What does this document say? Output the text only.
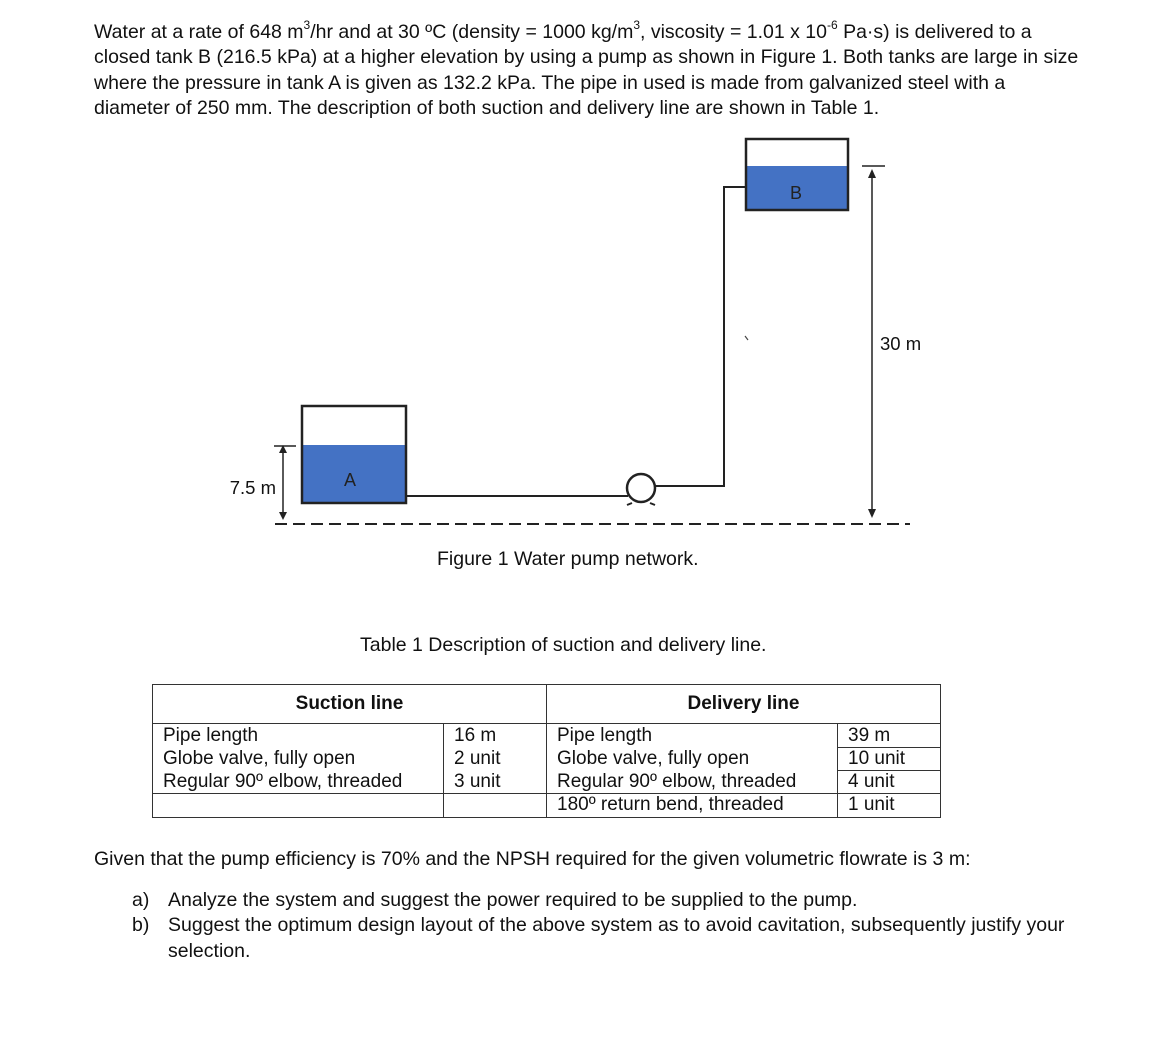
Water at a rate of 648 $m^3/hr$ and at 30 ºC (density = 1000 $kg/m^3$, viscosity = 1.01 x $10^{-6}$ Pa·s) is delivered to a closed tank B (216.5 kPa) at a higher elevation by using a pump as shown in Figure 1. Both tanks are large in size where the pressure in tank A is given as 132.2 kPa. The pipe in used is made from galvanized steel with a diameter of 250 mm. The description of both suction and delivery line are shown in Table 1.

A
B
7.5 m
30 m

Figure 1 Water pump network.

Table 1 Description of suction and delivery line.

Suction line		Delivery line	
Pipe length	16 m	Pipe length	39 m
Globe valve, fully open	2 unit	Globe valve, fully open	10 unit
Regular 90º elbow, threaded	3 unit	Regular 90º elbow, threaded	4 unit
		180º return bend, threaded	1 unit

Given that the pump efficiency is 70% and the NPSH required for the given volumetric flowrate is 3 m:

a) Analyze the system and suggest the power required to be supplied to the pump.
b) Suggest the optimum design layout of the above system as to avoid cavitation, subsequently justify your selection.
